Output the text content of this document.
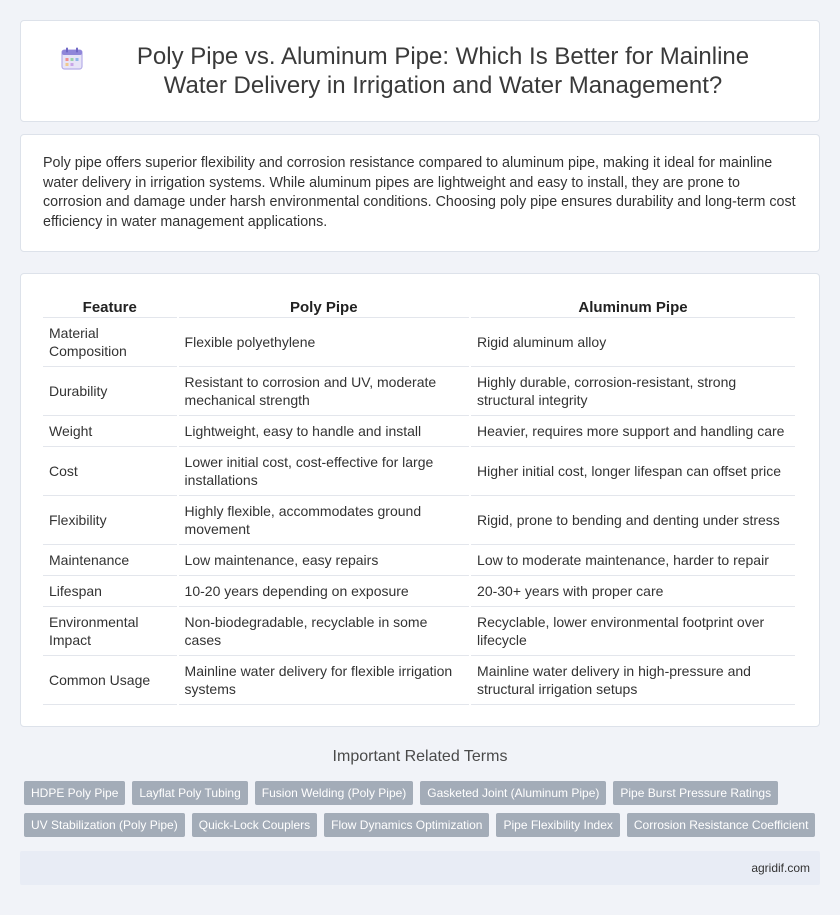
Poly Pipe vs. Aluminum Pipe: Which Is Better for Mainline Water Delivery in Irrigation and Water Management?

Poly pipe offers superior flexibility and corrosion resistance compared to aluminum pipe, making it ideal for mainline water delivery in irrigation systems. While aluminum pipes are lightweight and easy to install, they are prone to corrosion and damage under harsh environmental conditions. Choosing poly pipe ensures durability and long-term cost efficiency in water management applications.

Feature	Poly Pipe	Aluminum Pipe
Material Composition	Flexible polyethylene	Rigid aluminum alloy
Durability	Resistant to corrosion and UV, moderate mechanical strength	Highly durable, corrosion-resistant, strong structural integrity
Weight	Lightweight, easy to handle and install	Heavier, requires more support and handling care
Cost	Lower initial cost, cost-effective for large installations	Higher initial cost, longer lifespan can offset price
Flexibility	Highly flexible, accommodates ground movement	Rigid, prone to bending and denting under stress
Maintenance	Low maintenance, easy repairs	Low to moderate maintenance, harder to repair
Lifespan	10-20 years depending on exposure	20-30+ years with proper care
Environmental Impact	Non-biodegradable, recyclable in some cases	Recyclable, lower environmental footprint over lifecycle
Common Usage	Mainline water delivery for flexible irrigation systems	Mainline water delivery in high-pressure and structural irrigation setups
Important Related Terms
HDPE Poly Pipe	Layflat Poly Tubing	Fusion Welding (Poly Pipe)	Gasketed Joint (Aluminum Pipe)	Pipe Burst Pressure Ratings
UV Stabilization (Poly Pipe)	Quick-Lock Couplers	Flow Dynamics Optimization	Pipe Flexibility Index	Corrosion Resistance Coefficient
agridif.com
